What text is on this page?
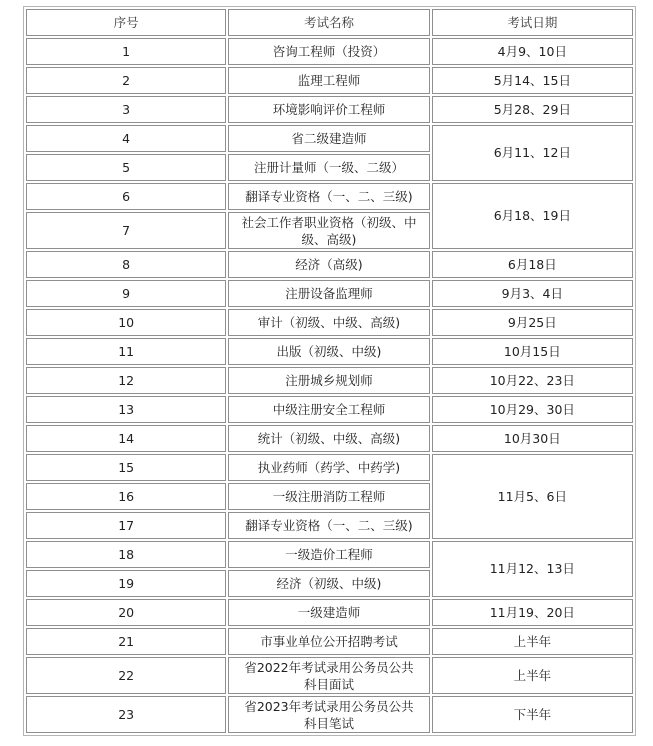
序号	考试名称	考试日期
1	咨询工程师（投资）	4月9、10日
2	监理工程师	5月14、15日
3	环境影响评价工程师	5月28、29日
4	省二级建造师	6月11、12日
5	注册计量师（一级、二级）	
6	翻译专业资格（一、二、三级)	6月18、19日
7	社会工作者职业资格（初级、中级、高级)	
8	经济（高级)	6月18日
9	注册设备监理师	9月3、4日
10	审计（初级、中级、高级)	9月25日
11	出版（初级、中级)	10月15日
12	注册城乡规划师	10月22、23日
13	中级注册安全工程师	10月29、30日
14	统计（初级、中级、高级)	10月30日
15	执业药师（药学、中药学)	11月5、6日
16	一级注册消防工程师	
17	翻译专业资格（一、二、三级)	
18	一级造价工程师	11月12、13日
19	经济（初级、中级)	
20	一级建造师	11月19、20日
21	市事业单位公开招聘考试	上半年
22	省2022年考试录用公务员公共科目面试	上半年
23	省2023年考试录用公务员公共科目笔试	下半年
